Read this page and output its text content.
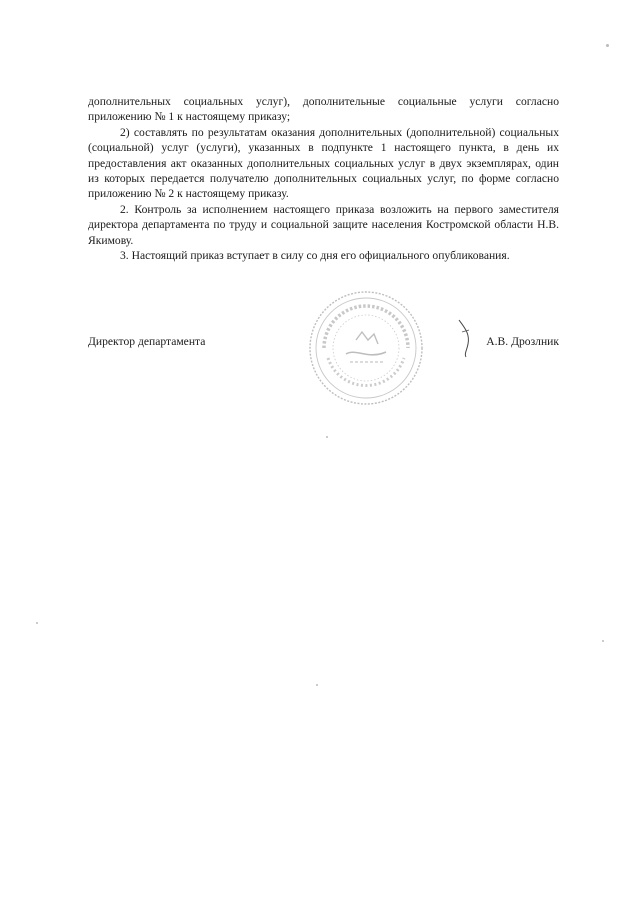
дополнительных социальных услуг), дополнительные социальные услуги согласно приложению № 1 к настоящему приказу;

2) составлять по результатам оказания дополнительных (дополнительной) социальных (социальной) услуг (услуги), указанных в подпункте 1 настоящего пункта, в день их предоставления акт оказанных дополнительных социальных услуг в двух экземплярах, один из которых передается получателю дополнительных социальных услуг, по форме согласно приложению № 2 к настоящему приказу.

2. Контроль за исполнением настоящего приказа возложить на первого заместителя директора департамента по труду и социальной защите населения Костромской области Н.В. Якимову.

3. Настоящий приказ вступает в силу со дня его официального опубликования.

Директор департамента	А.В. Дрозлник
